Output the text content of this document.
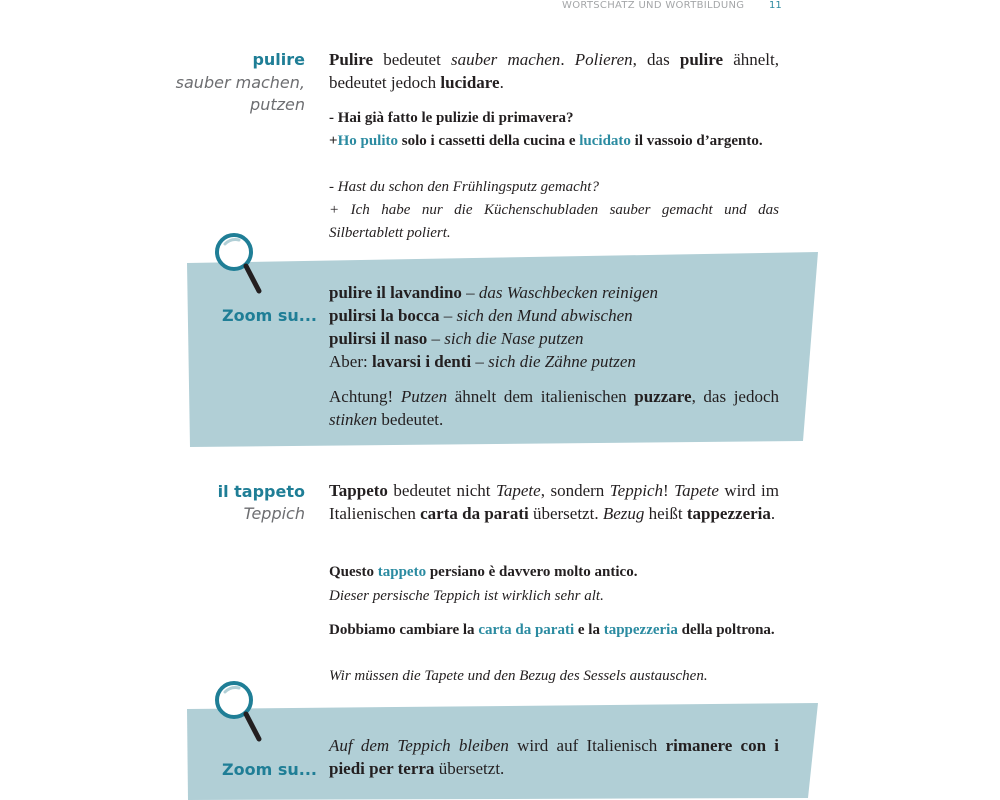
WORTSCHATZ UND WORTBILDUNG 11
pulire
sauber machen,
putzen
Pulire bedeutet sauber machen. Polieren, das pulire ähnelt, bedeutet jedoch lucidare.
- Hai già fatto le pulizie di primavera?
+Ho pulito solo i cassetti della cucina e lucidato il vassoio d’argento.
- Hast du schon den Frühlingsputz gemacht?
+ Ich habe nur die Küchenschubladen sauber gemacht und das Silbertablett poliert.
Zoom su...
pulire il lavandino – das Waschbecken reinigen
pulirsi la bocca – sich den Mund abwischen
pulirsi il naso – sich die Nase putzen
Aber: lavarsi i denti – sich die Zähne putzen
Achtung! Putzen ähnelt dem italienischen puzzare, das jedoch stinken bedeutet.
il tappeto
Teppich
Tappeto bedeutet nicht Tapete, sondern Teppich! Tapete wird im Italienischen carta da parati übersetzt. Bezug heißt tappezzeria.
Questo tappeto persiano è davvero molto antico.
Dieser persische Teppich ist wirklich sehr alt.
Dobbiamo cambiare la carta da parati e la tappezzeria della poltrona.
Wir müssen die Tapete und den Bezug des Sessels austauschen.
Zoom su...
Auf dem Teppich bleiben wird auf Italienisch rimanere con i piedi per terra übersetzt.
